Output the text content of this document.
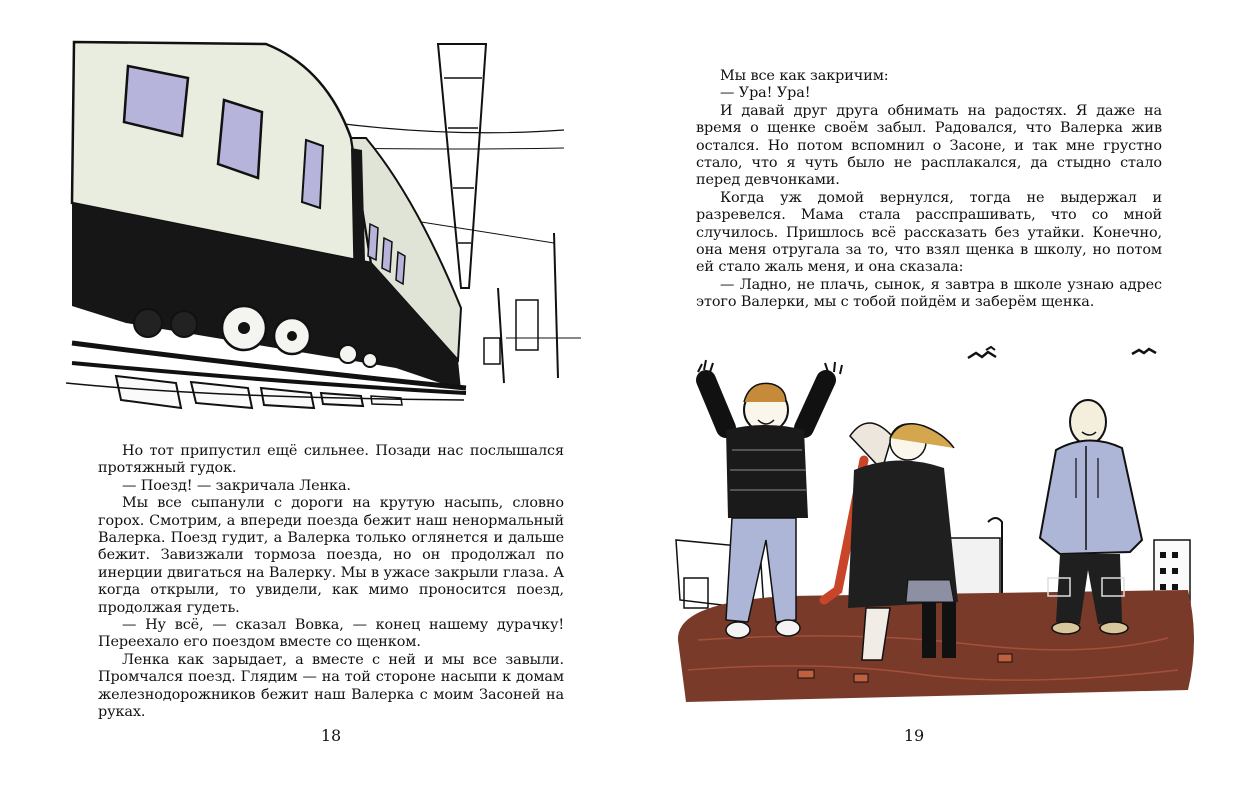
Но тот припустил ещё сильнее. Позади нас послышался протяжный гудок.

— Поезд! — закричала Ленка.

Мы все сыпанули с дороги на крутую насыпь, словно горох. Смотрим, а впереди поезда бежит наш ненормальный Валерка. Поезд гудит, а Валерка только оглянется и дальше бежит. Завизжали тормоза поезда, но он продолжал по инерции двигаться на Валерку. Мы в ужасе закрыли глаза. А когда открыли, то увидели, как мимо проносится поезд, продолжая гудеть.

— Ну всё, — сказал Вовка, — конец нашему дурачку! Переехало его поездом вместе со щенком.

Ленка как зарыдает, а вместе с ней и мы все завыли. Промчался поезд. Глядим — на той стороне насыпи к домам железнодорожников бежит наш Валерка с моим Засоней на руках.

18

Мы все как закричим:

— Ура! Ура!

И давай друг друга обнимать на радостях. Я даже на время о щенке своём забыл. Радовался, что Валерка жив остался. Но потом вспомнил о Засоне, и так мне грустно стало, что я чуть было не расплакался, да стыдно стало перед девчонками.

Когда уж домой вернулся, тогда не выдержал и разревелся. Мама стала расспрашивать, что со мной случилось. Пришлось всё рассказать без утайки. Конечно, она меня отругала за то, что взял щенка в школу, но потом ей стало жаль меня, и она сказала:

— Ладно, не плачь, сынок, я завтра в школе узнаю адрес этого Валерки, мы с тобой пойдём и заберём щенка.

19
